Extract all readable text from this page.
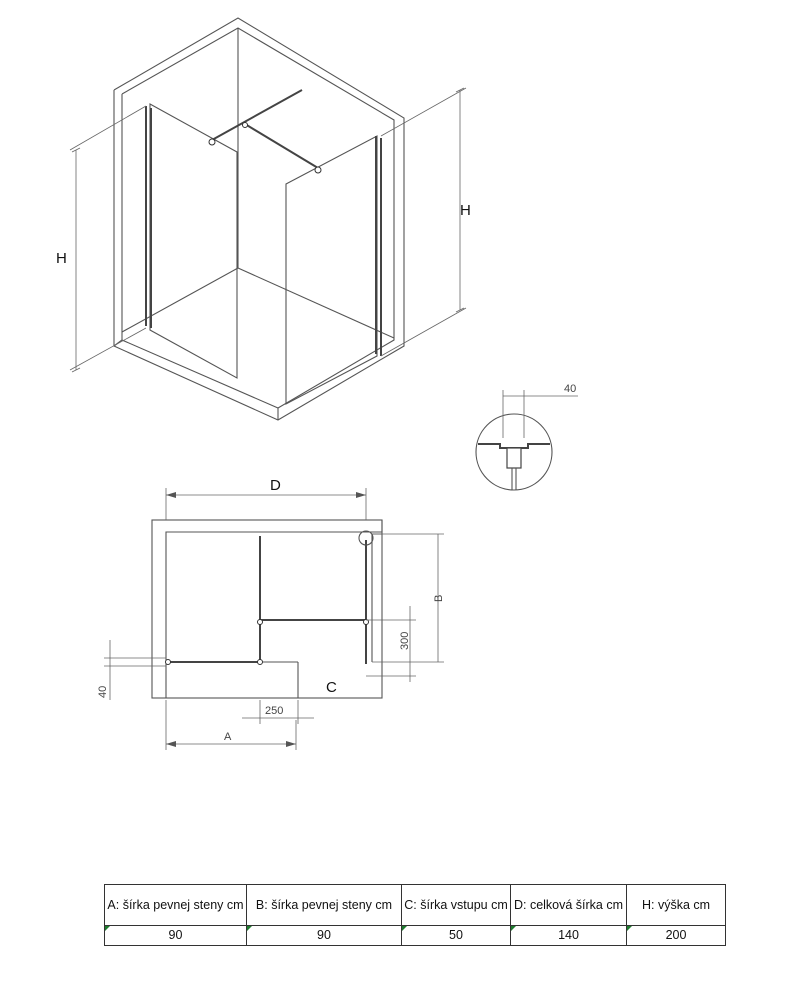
H
H
40
D
B
300
C
250
A
40
A: šírka pevnej steny cm	B: šírka pevnej steny cm	C: šírka vstupu cm	D: celková šírka cm	H: výška cm
90	90	50	140	200
